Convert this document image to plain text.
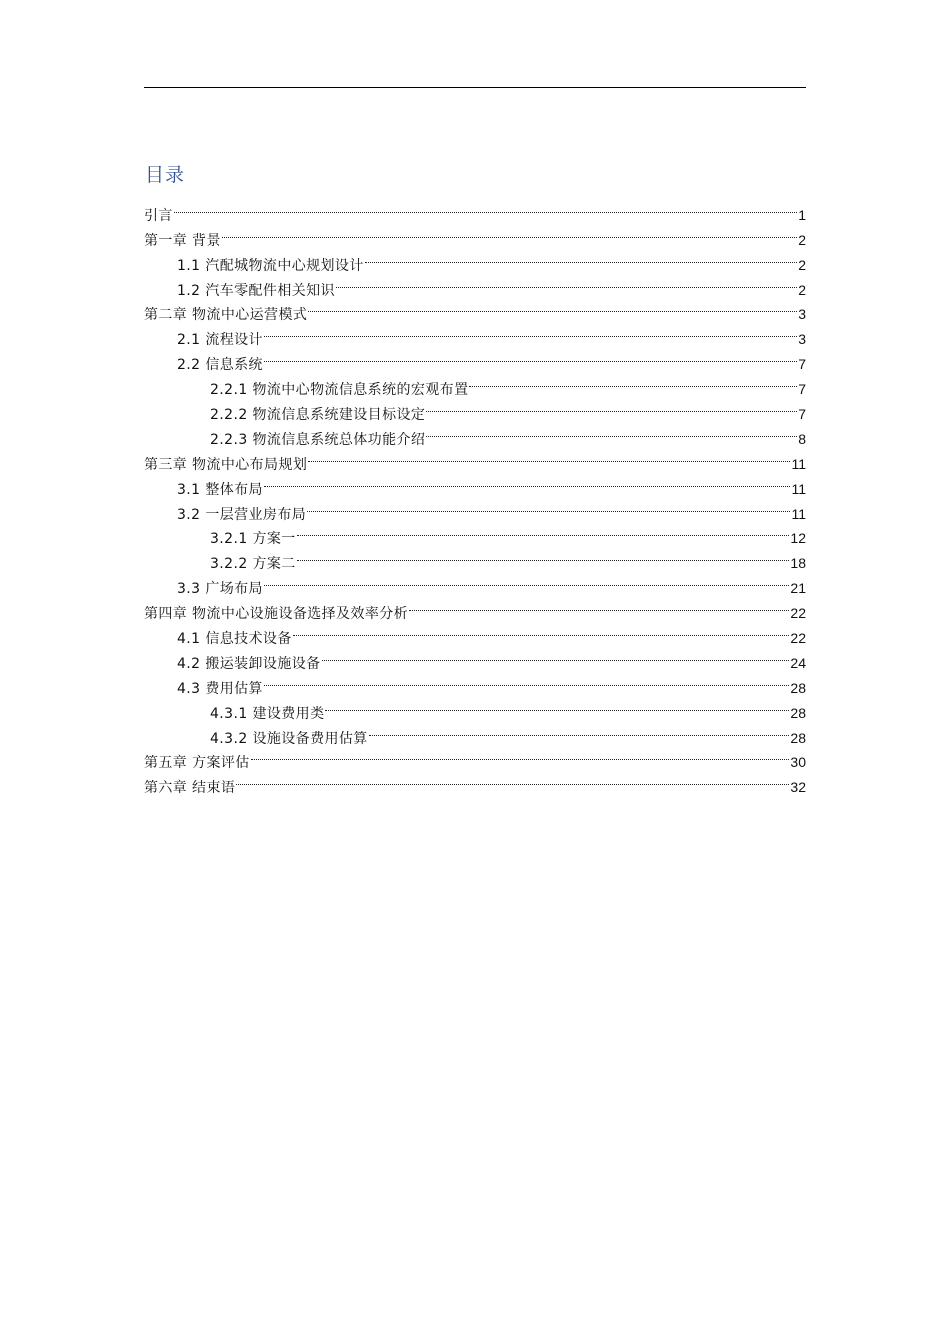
目录
引言	1
第一章 背景	2
1.1 汽配城物流中心规划设计	2
1.2 汽车零配件相关知识	2
第二章 物流中心运营模式	3
2.1 流程设计	3
2.2 信息系统	7
2.2.1 物流中心物流信息系统的宏观布置	7
2.2.2 物流信息系统建设目标设定	7
2.2.3 物流信息系统总体功能介绍	8
第三章 物流中心布局规划	11
3.1 整体布局	11
3.2 一层营业房布局	11
3.2.1 方案一	12
3.2.2 方案二	18
3.3 广场布局	21
第四章 物流中心设施设备选择及效率分析	22
4.1 信息技术设备	22
4.2 搬运装卸设施设备	24
4.3 费用估算	28
4.3.1 建设费用类	28
4.3.2 设施设备费用估算	28
第五章 方案评估	30
第六章 结束语	32
